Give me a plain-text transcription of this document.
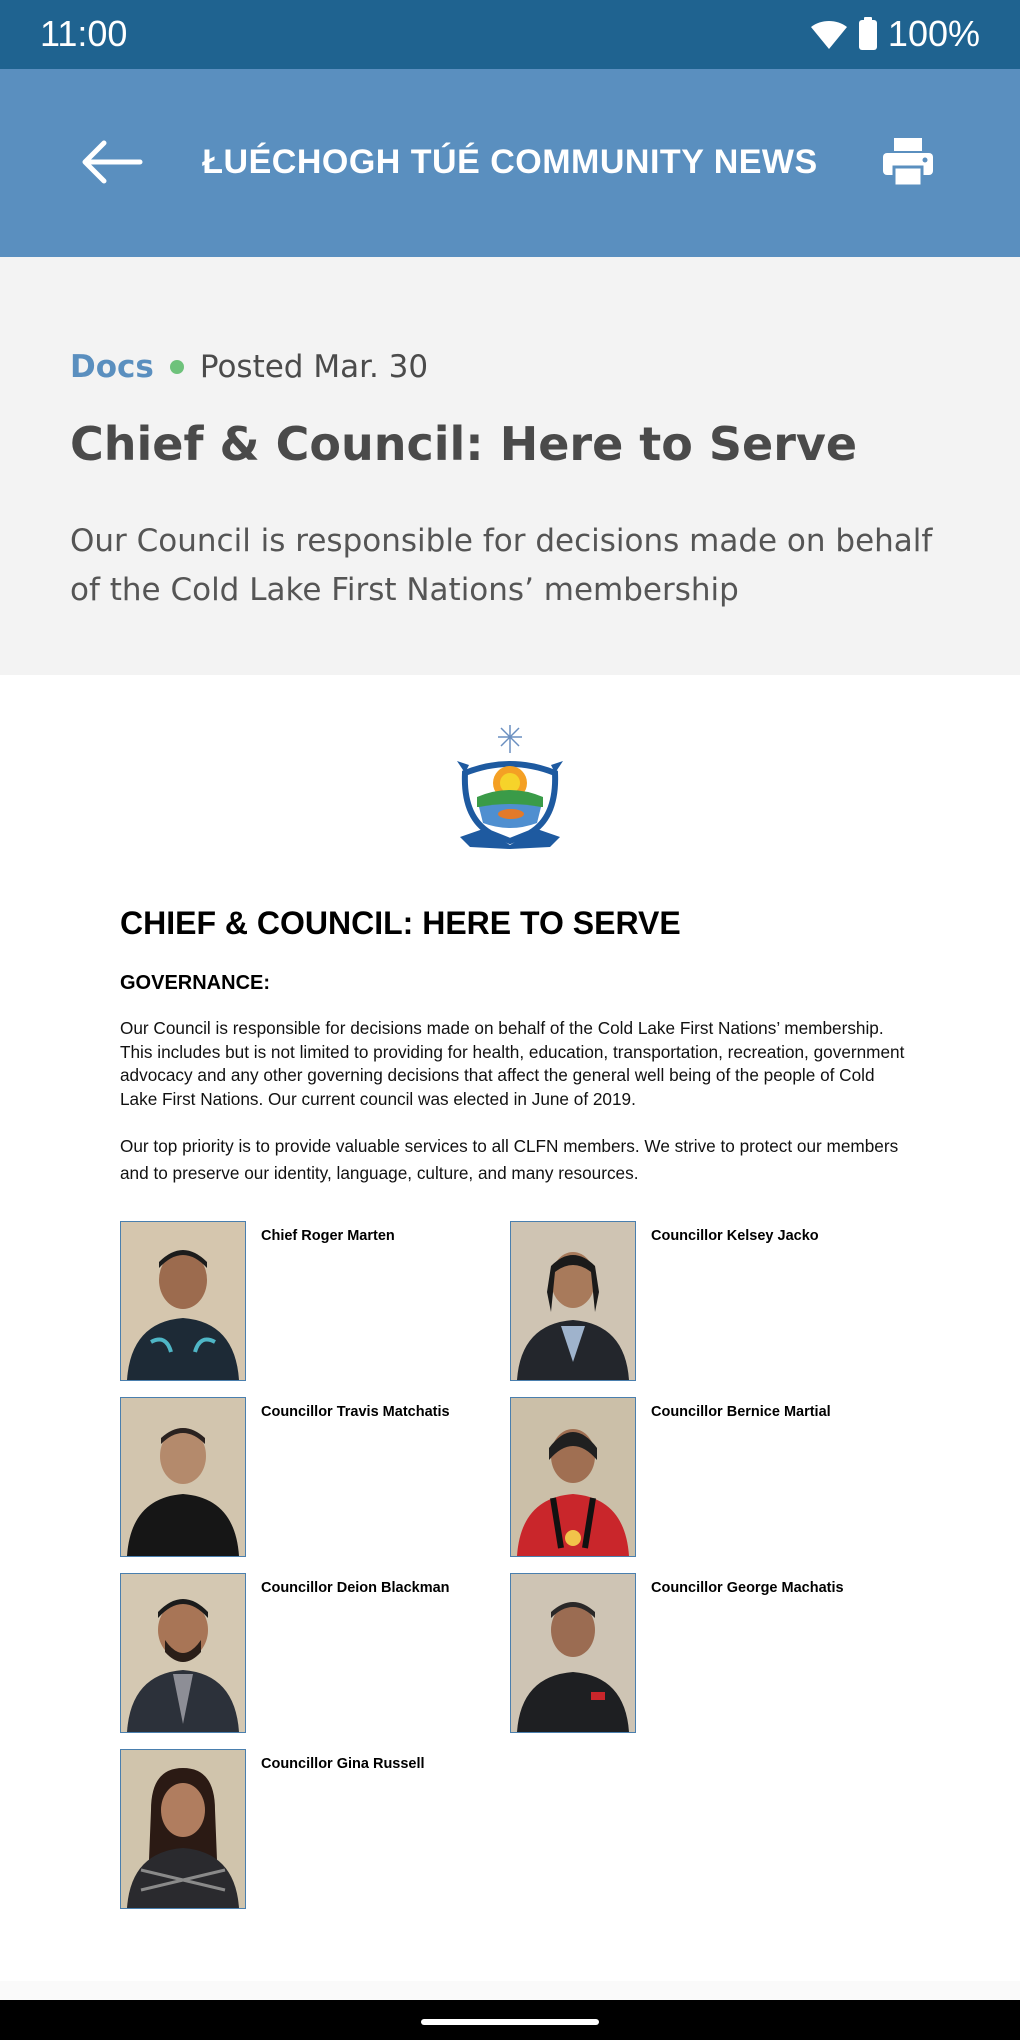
11:00	100%
ŁUÉCHOGH TÚÉ COMMUNITY NEWS
Docs Posted Mar. 30
Chief & Council: Here to Serve
Our Council is responsible for decisions made on behalf of the Cold Lake First Nations’ membership
CHIEF & COUNCIL: HERE TO SERVE
GOVERNANCE:
Our Council is responsible for decisions made on behalf of the Cold Lake First Nations’ membership. This includes but is not limited to providing for health, education, transportation, recreation, government advocacy and any other governing decisions that affect the general well being of the people of Cold Lake First Nations. Our current council was elected in June of 2019.
Our top priority is to provide valuable services to all CLFN members. We strive to protect our members and to preserve our identity, language, culture, and many resources.
Chief Roger Marten	Councillor Kelsey Jacko
Councillor Travis Matchatis	Councillor Bernice Martial
Councillor Deion Blackman	Councillor George Machatis
Councillor Gina Russell
